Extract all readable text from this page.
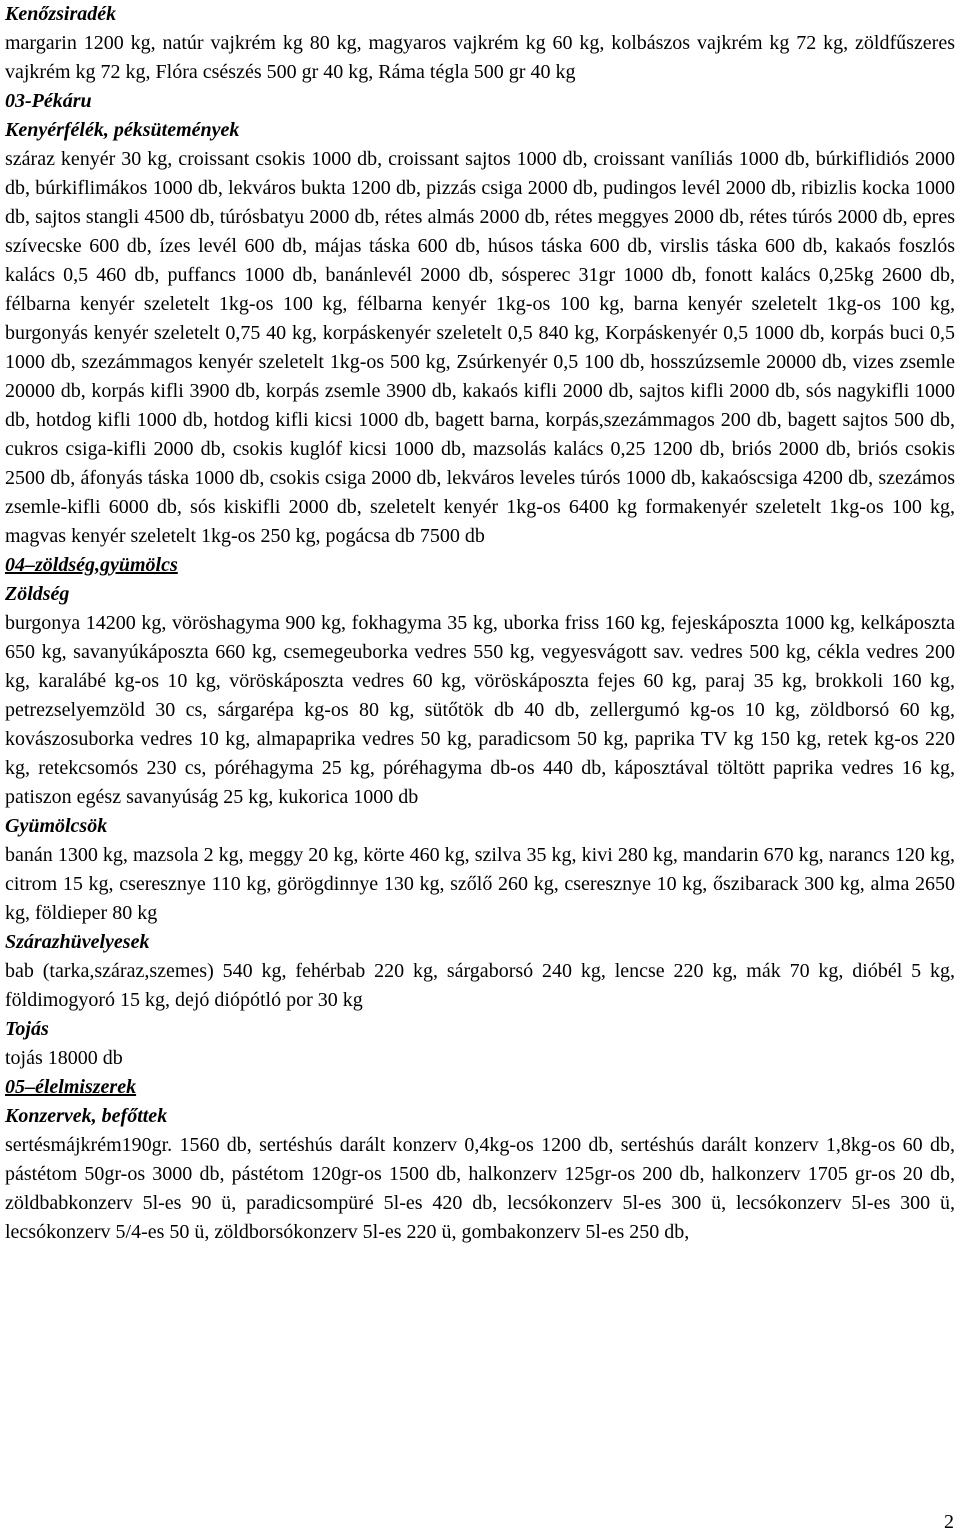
Kenőzsiradék
margarin 1200 kg, natúr vajkrém kg 80 kg, magyaros vajkrém kg 60 kg, kolbászos vajkrém kg 72 kg, zöldfűszeres vajkrém kg 72 kg, Flóra csészés 500 gr 40 kg, Ráma tégla 500 gr 40 kg
03-Pékáru
Kenyérfélék, péksütemények
száraz kenyér 30 kg, croissant csokis 1000 db, croissant sajtos 1000 db, croissant vaníliás 1000 db, búrkiflidiós 2000 db, búrkiflimákos 1000 db, lekváros bukta 1200 db, pizzás csiga 2000 db, pudingos levél 2000 db, ribizlis kocka 1000 db, sajtos stangli 4500 db, túrósbatyu 2000 db, rétes almás 2000 db, rétes meggyes 2000 db, rétes túrós 2000 db, epres szívecske 600 db, ízes levél 600 db, májas táska 600 db, húsos táska 600 db, virslis táska 600 db, kakaós foszlós kalács 0,5 460 db, puffancs 1000 db, banánlevél 2000 db, sósperec 31gr 1000 db, fonott kalács 0,25kg 2600 db, félbarna kenyér szeletelt 1kg-os 100 kg, félbarna kenyér 1kg-os 100 kg, barna kenyér szeletelt 1kg-os 100 kg, burgonyás kenyér szeletelt 0,75 40 kg, korpáskenyér szeletelt 0,5 840 kg, Korpáskenyér 0,5 1000 db, korpás buci 0,5 1000 db, szezámmagos kenyér szeletelt 1kg-os 500 kg, Zsúrkenyér 0,5 100 db, hosszúzsemle 20000 db, vizes zsemle 20000 db, korpás kifli 3900 db, korpás zsemle 3900 db, kakaós kifli 2000 db, sajtos kifli 2000 db, sós nagykifli 1000 db, hotdog kifli 1000 db, hotdog kifli kicsi 1000 db, bagett barna, korpás,szezámmagos 200 db, bagett sajtos 500 db, cukros csiga-kifli 2000 db, csokis kuglóf kicsi 1000 db, mazsolás kalács 0,25 1200 db, briós 2000 db, briós csokis 2500 db, áfonyás táska 1000 db, csokis csiga 2000 db, lekváros leveles túrós 1000 db, kakaóscsiga 4200 db, szezámos zsemle-kifli 6000 db, sós kiskifli 2000 db, szeletelt kenyér 1kg-os 6400 kg formakenyér szeletelt 1kg-os 100 kg, magvas kenyér szeletelt 1kg-os 250 kg, pogácsa db 7500 db
04–zöldség,gyümölcs
Zöldség
burgonya 14200 kg, vöröshagyma 900 kg, fokhagyma 35 kg, uborka friss 160 kg, fejeskáposzta 1000 kg, kelkáposzta 650 kg, savanyúkáposzta 660 kg, csemegeuborka vedres 550 kg, vegyesvágott sav. vedres 500 kg, cékla vedres 200 kg, karalábé kg-os 10 kg, vöröskáposzta vedres 60 kg, vöröskáposzta fejes 60 kg, paraj 35 kg, brokkoli 160 kg, petrezselyemzöld 30 cs, sárgarépa kg-os 80 kg, sütőtök db 40 db, zellergumó kg-os 10 kg, zöldborsó 60 kg, kovászosuborka vedres 10 kg, almapaprika vedres 50 kg, paradicsom 50 kg, paprika TV kg 150 kg, retek kg-os 220 kg, retekcsomós 230 cs, póréhagyma 25 kg, póréhagyma db-os 440 db, káposztával töltött paprika vedres 16 kg, patiszon egész savanyúság 25 kg, kukorica 1000 db
Gyümölcsök
banán 1300 kg, mazsola 2 kg, meggy 20 kg, körte 460 kg, szilva 35 kg, kivi 280 kg, mandarin 670 kg, narancs 120 kg, citrom 15 kg, cseresznye 110 kg, görögdinnye 130 kg, szőlő 260 kg, cseresznye 10 kg, őszibarack 300 kg, alma 2650 kg, földieper 80 kg
Szárazhüvelyesek
bab (tarka,száraz,szemes) 540 kg, fehérbab 220 kg, sárgaborsó 240 kg, lencse 220 kg, mák 70 kg, dióbél 5 kg, földimogyoró 15 kg, dejó diópótló por 30 kg
Tojás
tojás 18000 db
05–élelmiszerek
Konzervek, befőttek
sertésmájkrém190gr. 1560 db, sertéshús darált konzerv 0,4kg-os 1200 db, sertéshús darált konzerv 1,8kg-os 60 db, pástétom 50gr-os 3000 db, pástétom 120gr-os 1500 db, halkonzerv 125gr-os 200 db, halkonzerv 1705 gr-os 20 db, zöldbabkonzerv 5l-es 90 ü, paradicsompüré 5l-es 420 db, lecsókonzerv 5l-es 300 ü, lecsókonzerv 5l-es 300 ü, lecsókonzerv 5/4-es 50 ü, zöldborsókonzerv 5l-es 220 ü, gombakonzerv 5l-es 250 db,
2
